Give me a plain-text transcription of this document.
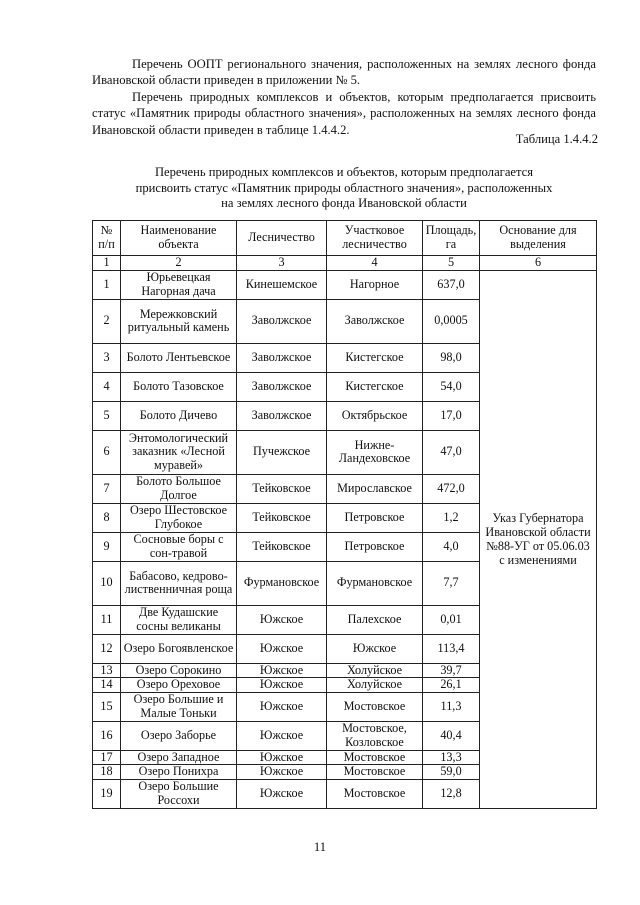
Перечень ООПТ регионального значения, расположенных на землях лесного фонда Ивановской области приведен в приложении № 5.

Перечень природных комплексов и объектов, которым предполагается присвоить статус «Памятник природы областного значения», расположенных на землях лесного фонда Ивановской области приведен в таблице 1.4.4.2.

Таблица 1.4.4.2
Перечень природных комплексов и объектов, которым предполагается
присвоить статус «Памятник природы областного значения», расположенных
на землях лесного фонда Ивановской области
№ п/п	Наименование объекта	Лесничество	Участковое лесничество	Площадь, га	Основание для выделения
1	2	3	4	5	6
1	Юрьевецкая Нагорная дача	Кинешемское	Нагорное	637,0	Указ Губернатора Ивановской области №88-УГ от 05.06.03 с изменениями
2	Мережковский ритуальный камень	Заволжское	Заволжское	0,0005	
3	Болото Лентьевское	Заволжское	Кистегское	98,0	
4	Болото Тазовское	Заволжское	Кистегское	54,0	
5	Болото Дичево	Заволжское	Октябрьское	17,0	
6	Энтомологический заказник «Лесной муравей»	Пучежское	Нижне-Ландеховское	47,0	
7	Болото Большое Долгое	Тейковское	Мирославское	472,0	
8	Озеро Шестовское Глубокое	Тейковское	Петровское	1,2	
9	Сосновые боры с сон-травой	Тейковское	Петровское	4,0	
10	Бабасово, кедрово-лиственничная роща	Фурмановское	Фурмановское	7,7	
11	Две Кудашские сосны великаны	Южское	Палехское	0,01	
12	Озеро Богоявленское	Южское	Южское	113,4	
13	Озеро Сорокино	Южское	Холуйское	39,7	
14	Озеро Ореховое	Южское	Холуйское	26,1	
15	Озеро Большие и Малые Тоньки	Южское	Мостовское	11,3	
16	Озеро Заборье	Южское	Мостовское, Козловское	40,4	
17	Озеро Западное	Южское	Мостовское	13,3	
18	Озеро Понихра	Южское	Мостовское	59,0	
19	Озеро Большие Россохи	Южское	Мостовское	12,8	
11
